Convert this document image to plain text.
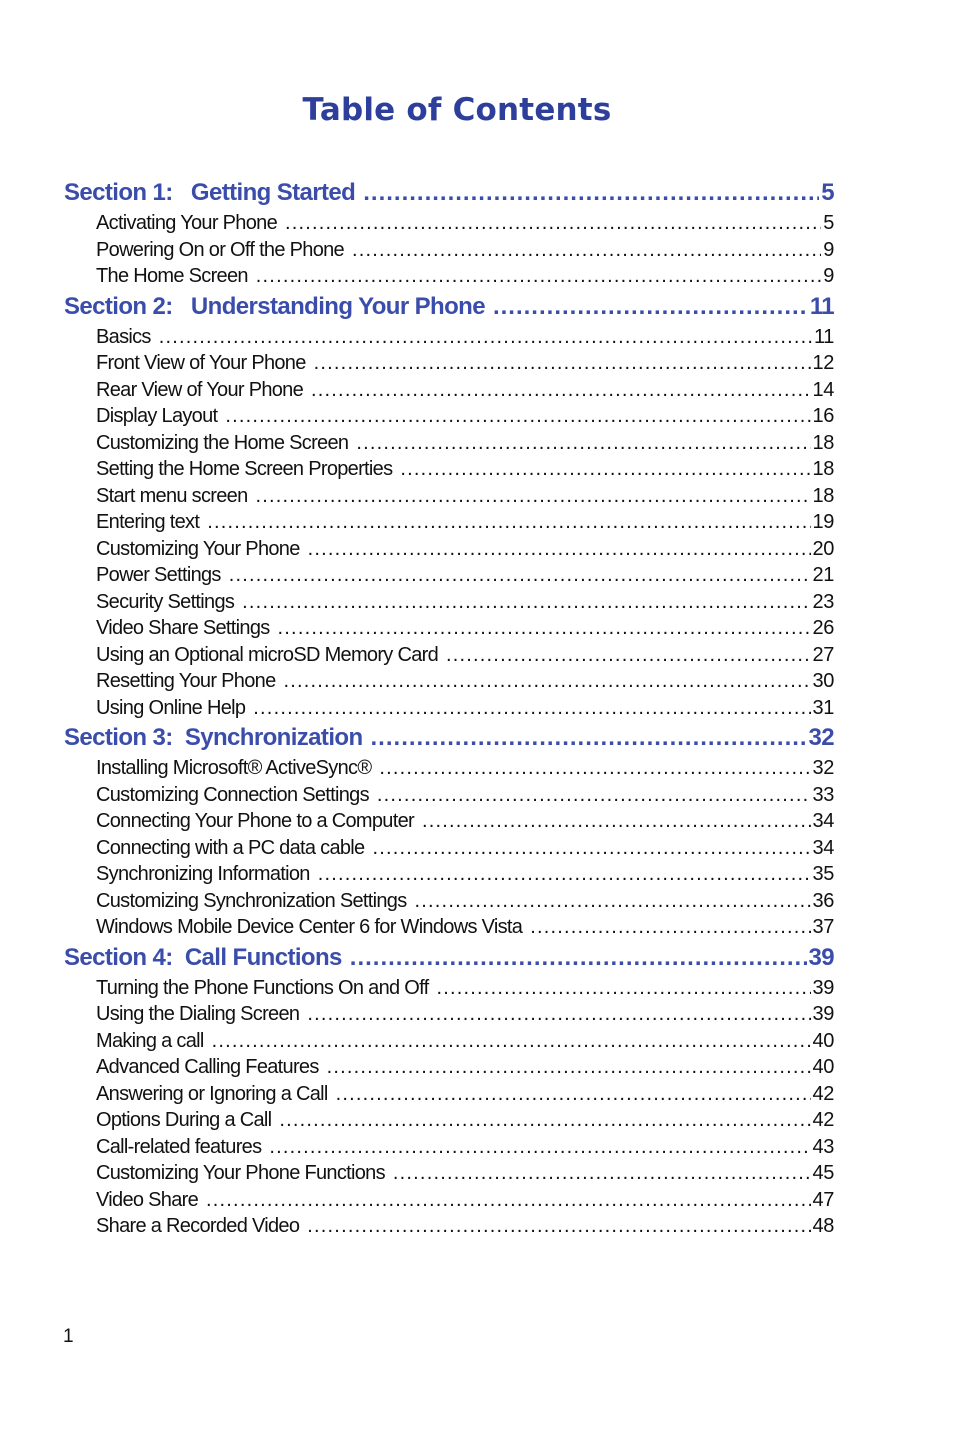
Table of Contents
Section 1:   Getting Started .....	5
Activating Your Phone .....	5
Powering On or Off the Phone .....	9
The Home Screen .....	9
Section 2:   Understanding Your Phone .....	11
Basics .....	11
Front View of Your Phone .....	12
Rear View of Your Phone .....	14
Display Layout .....	16
Customizing the Home Screen .....	18
Setting the Home Screen Properties .....	18
Start menu screen .....	18
Entering text .....	19
Customizing Your Phone .....	20
Power Settings .....	21
Security Settings .....	23
Video Share Settings .....	26
Using an Optional microSD Memory Card .....	27
Resetting Your Phone .....	30
Using Online Help .....	31
Section 3:  Synchronization .....	32
Installing Microsoft® ActiveSync® .....	32
Customizing Connection Settings .....	33
Connecting Your Phone to a Computer .....	34
Connecting with a PC data cable .....	34
Synchronizing Information .....	35
Customizing Synchronization Settings .....	36
Windows Mobile Device Center 6 for Windows Vista .....	37
Section 4:  Call Functions .....	39
Turning the Phone Functions On and Off .....	39
Using the Dialing Screen .....	39
Making a call .....	40
Advanced Calling Features .....	40
Answering or Ignoring a Call .....	42
Options During a Call .....	42
Call-related features .....	43
Customizing Your Phone Functions .....	45
Video Share .....	47
Share a Recorded Video .....	48
1
